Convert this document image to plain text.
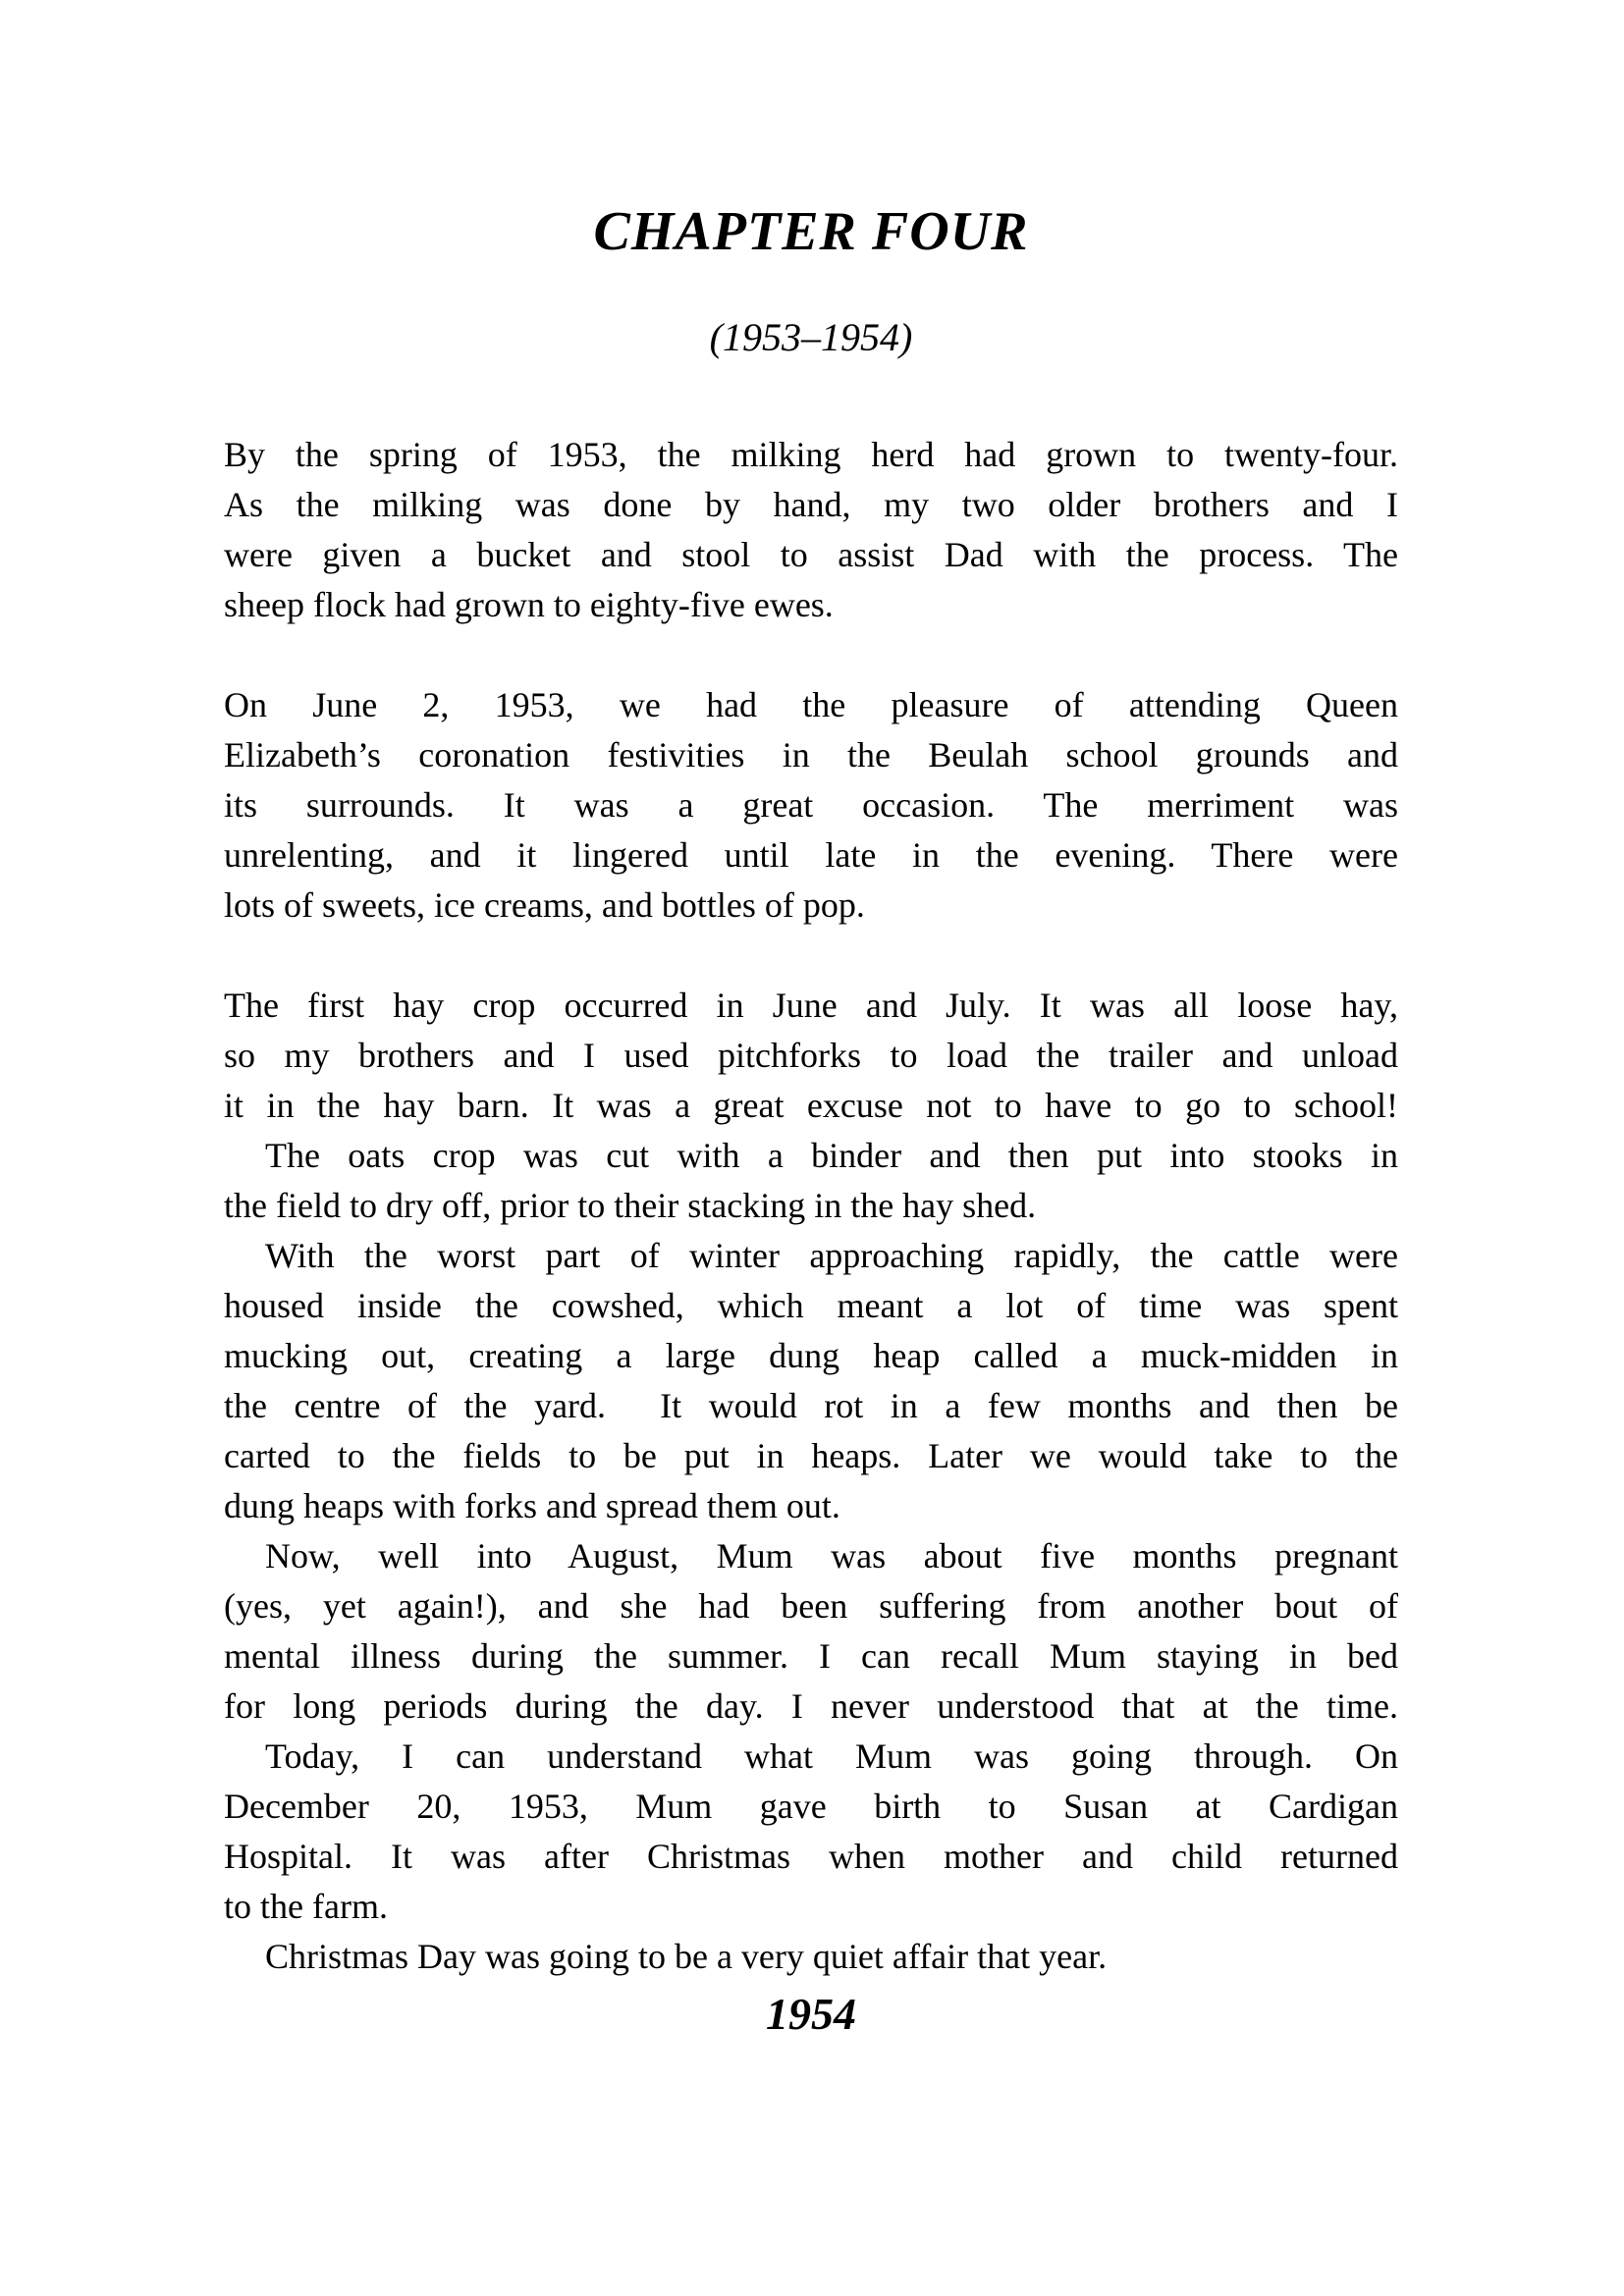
CHAPTER FOUR
(1953–1954)
By the spring of 1953, the milking herd had grown to twenty-four.
As the milking was done by hand, my two older brothers and I
were given a bucket and stool to assist Dad with the process. The
sheep flock had grown to eighty-five ewes.
On June 2, 1953, we had the pleasure of attending Queen
Elizabeth’s coronation festivities in the Beulah school grounds and
its surrounds. It was a great occasion. The merriment was
unrelenting, and it lingered until late in the evening. There were
lots of sweets, ice creams, and bottles of pop.
The first hay crop occurred in June and July. It was all loose hay,
so my brothers and I used pitchforks to load the trailer and unload
it in the hay barn. It was a great excuse not to have to go to school!
The oats crop was cut with a binder and then put into stooks in
the field to dry off, prior to their stacking in the hay shed.
With the worst part of winter approaching rapidly, the cattle were
housed inside the cowshed, which meant a lot of time was spent
mucking out, creating a large dung heap called a muck-midden in
the centre of the yard.  It would rot in a few months and then be
carted to the fields to be put in heaps. Later we would take to the
dung heaps with forks and spread them out.
Now, well into August, Mum was about five months pregnant
(yes, yet again!), and she had been suffering from another bout of
mental illness during the summer. I can recall Mum staying in bed
for long periods during the day. I never understood that at the time.
Today, I can understand what Mum was going through. On
December 20, 1953, Mum gave birth to Susan at Cardigan
Hospital. It was after Christmas when mother and child returned
to the farm.
Christmas Day was going to be a very quiet affair that year.
1954
